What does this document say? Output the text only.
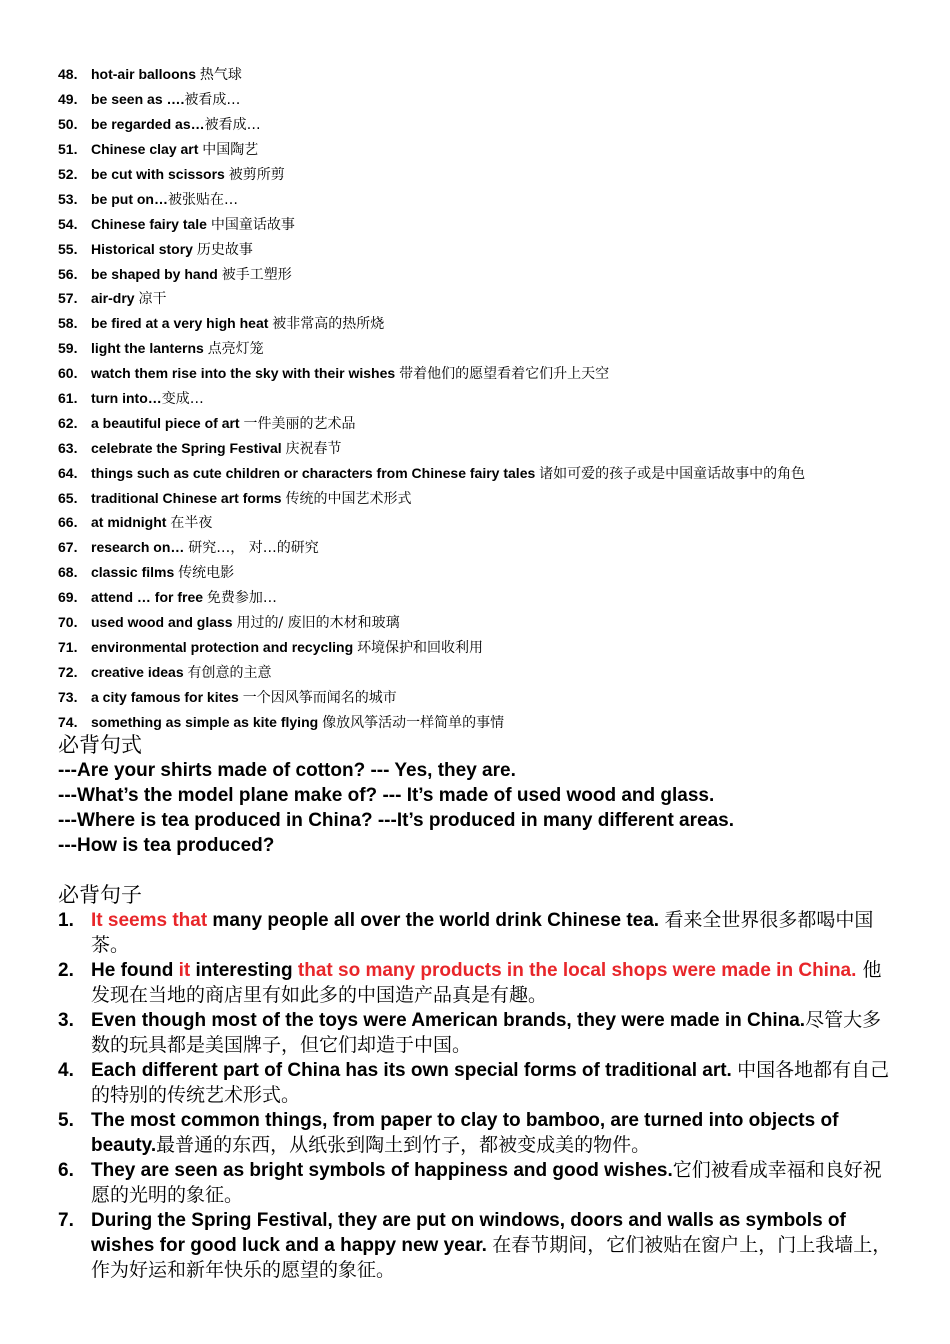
48. hot-air balloons 热气球
49. be seen as …. 被看成…
50. be regarded as… 被看成…
51. Chinese clay art 中国陶艺
52. be cut with scissors 被剪所剪
53. be put on… 被张贴在…
54. Chinese fairy tale 中国童话故事
55. Historical story 历史故事
56. be shaped by hand 被手工塑形
57. air-dry 凉干
58. be fired at a very high heat 被非常高的热所烧
59. light the lanterns 点亮灯笼
60. watch them rise into the sky with their wishes 带着他们的愿望看着它们升上天空
61. turn into… 变成…
62. a beautiful piece of art 一件美丽的艺术品
63. celebrate the Spring Festival 庆祝春节
64. things such as cute children or characters from Chinese fairy tales 诸如可爱的孩子或是中国童话故事中的角色
65. traditional Chinese art forms 传统的中国艺术形式
66. at midnight 在半夜
67. research on… 研究…， 对…的研究
68. classic films 传统电影
69. attend … for free 免费参加…
70. used wood and glass 用过的/ 废旧的木材和玻璃
71. environmental protection and recycling 环境保护和回收利用
72. creative ideas 有创意的主意
73. a city famous for kites 一个因风筝而闻名的城市
74. something as simple as kite flying 像放风筝活动一样简单的事情
必背句式
---Are your shirts made of cotton? --- Yes, they are.
---What’s the model plane make of? --- It’s made of used wood and glass.
---Where is tea produced in China? ---It’s produced in many different areas.
---How is tea produced?
必背句子
1. It seems that many people all over the world drink Chinese tea. 看来全世界很多都喝中国茶。
2. He found it interesting that so many products in the local shops were made in China. 他发现在当地的商店里有如此多的中国造产品真是有趣。
3. Even though most of the toys were American brands, they were made in China.尽管大多数的玩具都是美国牌子，但它们却造于中国。
4. Each different part of China has its own special forms of traditional art. 中国各地都有自己的特别的传统艺术形式。
5. The most common things, from paper to clay to bamboo, are turned into objects of beauty.最普通的东西，从纸张到陶土到竹子，都被变成美的物件。
6. They are seen as bright symbols of happiness and good wishes.它们被看成幸福和良好祝愿的光明的象征。
7. During the Spring Festival, they are put on windows, doors and walls as symbols of wishes for good luck and a happy new year. 在春节期间，它们被贴在窗户上，门上我墙上，作为好运和新年快乐的愿望的象征。
